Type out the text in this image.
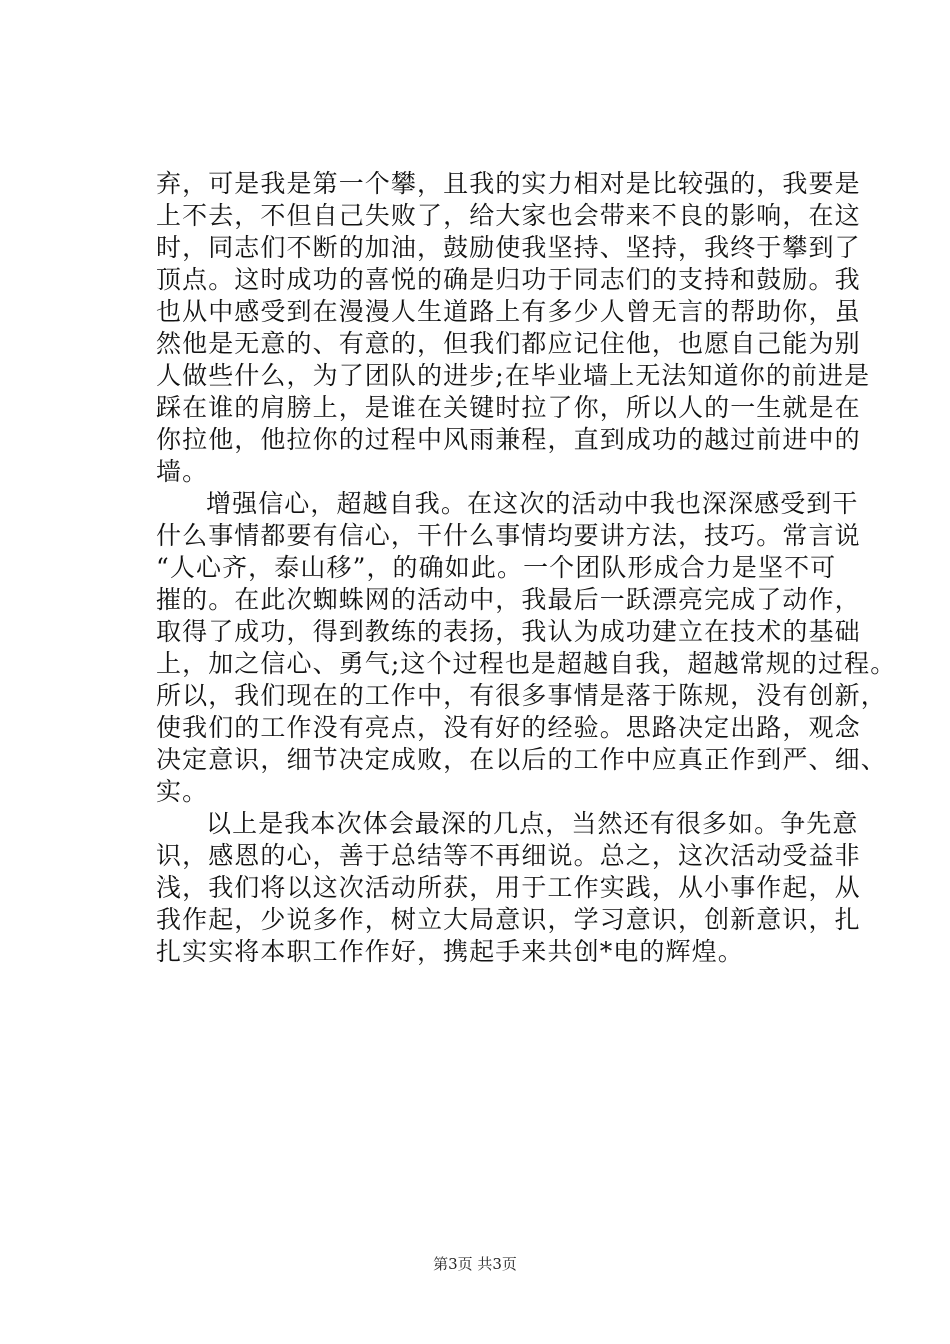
弃，可是我是第一个攀，且我的实力相对是比较强的，我要是
上不去，不但自己失败了，给大家也会带来不良的影响，在这
时，同志们不断的加油，鼓励使我坚持、坚持，我终于攀到了
顶点。这时成功的喜悦的确是归功于同志们的支持和鼓励。我
也从中感受到在漫漫人生道路上有多少人曾无言的帮助你，虽
然他是无意的、有意的，但我们都应记住他，也愿自己能为别
人做些什么，为了团队的进步;在毕业墙上无法知道你的前进是
踩在谁的肩膀上，是谁在关键时拉了你，所以人的一生就是在
你拉他，他拉你的过程中风雨兼程，直到成功的越过前进中的
墙。
增强信心，超越自我。在这次的活动中我也深深感受到干
什么事情都要有信心，干什么事情均要讲方法，技巧。常言说
“人心齐，泰山移”，的确如此。一个团队形成合力是坚不可
摧的。在此次蜘蛛网的活动中，我最后一跃漂亮完成了动作，
取得了成功，得到教练的表扬，我认为成功建立在技术的基础
上，加之信心、勇气;这个过程也是超越自我，超越常规的过程。
所以，我们现在的工作中，有很多事情是落于陈规，没有创新，
使我们的工作没有亮点，没有好的经验。思路决定出路，观念
决定意识，细节决定成败，在以后的工作中应真正作到严、细、
实。
以上是我本次体会最深的几点，当然还有很多如。争先意
识，感恩的心，善于总结等不再细说。总之，这次活动受益非
浅，我们将以这次活动所获，用于工作实践，从小事作起，从
我作起，少说多作，树立大局意识，学习意识，创新意识，扎
扎实实将本职工作作好，携起手来共创*电的辉煌。
第3页 共3页
